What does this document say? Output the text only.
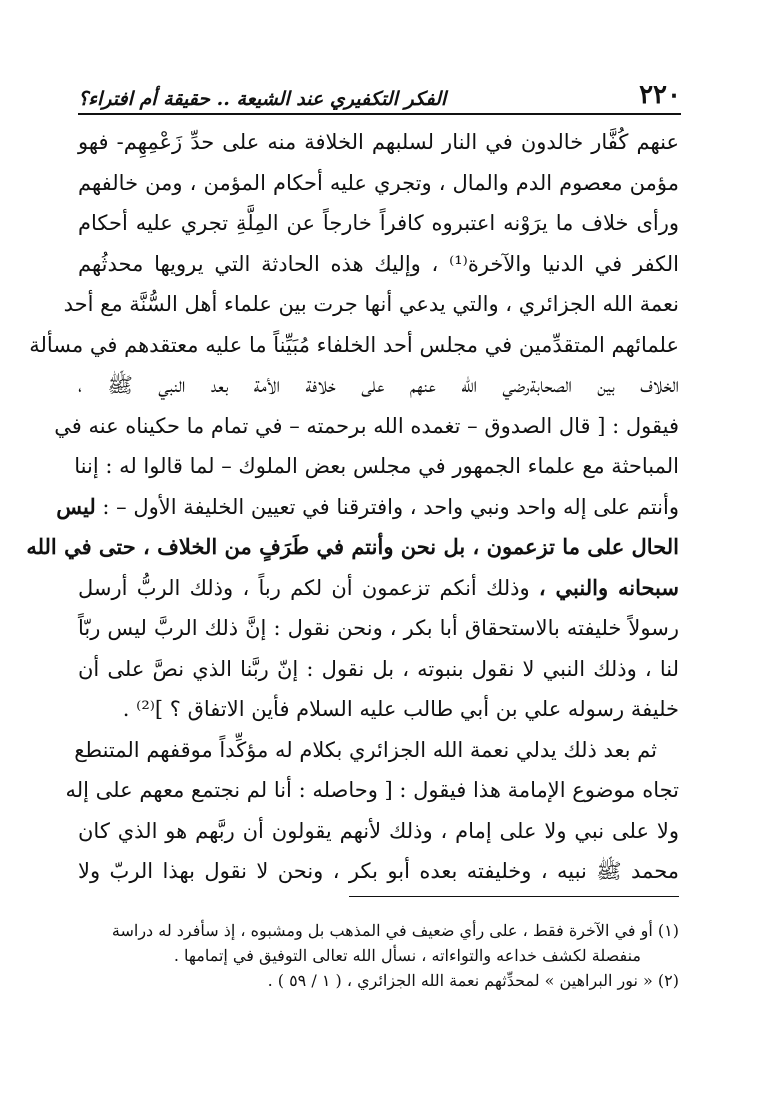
٢٢٠
الفكر التكفيري عند الشيعة .. حقيقة أم افتراء؟
عنهم كُفَّار خالدون في النار لسلبهم الخلافة منه على حدِّ زَعْمِهِم- فهو
مؤمن معصوم الدم والمال ، وتجري عليه أحكام المؤمن ، ومن خالفهم
ورأى خلاف ما يرَوْنه اعتبروه كافراً خارجاً عن المِلَّةِ تجري عليه أحكام
الكفر في الدنيا والآخرة⁽¹⁾ ، وإليك هذه الحادثة التي يرويها محدثُهم
نعمة الله الجزائري ، والتي يدعي أنها جرت بين علماء أهل السُّنَّة مع أحد
علمائهم المتقدِّمين في مجلس أحد الخلفاء مُبَيِّناً ما عليه معتقدهم في مسألة
الخلاف بين الصحابةرضي الله عنهم على خلافة الأمة بعد النبي ﷺ ،
فيقول : [ قال الصدوق – تغمده الله برحمته – في تمام ما حكيناه عنه في
المباحثة مع علماء الجمهور في مجلس بعض الملوك – لما قالوا له : إننا
وأنتم على إله واحد ونبي واحد ، وافترقنا في تعيين الخليفة الأول – : ليس
الحال على ما تزعمون ، بل نحن وأنتم في طَرَفٍ من الخلاف ، حتى في الله
سبحانه والنبي ، وذلك أنكم تزعمون أن لكم رباً ، وذلك الربُّ أرسل
رسولاً خليفته بالاستحقاق أبا بكر ، ونحن نقول : إنَّ ذلك الربَّ ليس ربّاً
لنا ، وذلك النبي لا نقول بنبوته ، بل نقول : إنّ ربَّنا الذي نصَّ على أن
خليفة رسوله علي بن أبي طالب عليه السلام فأين الاتفاق ؟ ]⁽²⁾ .
ثم بعد ذلك يدلي نعمة الله الجزائري بكلام له مؤكِّداً موقفهم المتنطع
تجاه موضوع الإمامة هذا فيقول : [ وحاصله : أنا لم نجتمع معهم على إله
ولا على نبي ولا على إمام ، وذلك لأنهم يقولون أن ربَّهم هو الذي كان
محمد ﷺ نبيه ، وخليفته بعده أبو بكر ، ونحن لا نقول بهذا الربّ ولا
(١) أو في الآخرة فقط ، على رأي ضعيف في المذهب بل ومشبوه ، إذ سأفرد له دراسة
منفصلة لكشف خداعه والتواءاته ، نسأل الله تعالى التوفيق في إتمامها .
(٢) « نور البراهين » لمحدِّثهم نعمة الله الجزائري ، ( ١ / ٥٩ ) .
